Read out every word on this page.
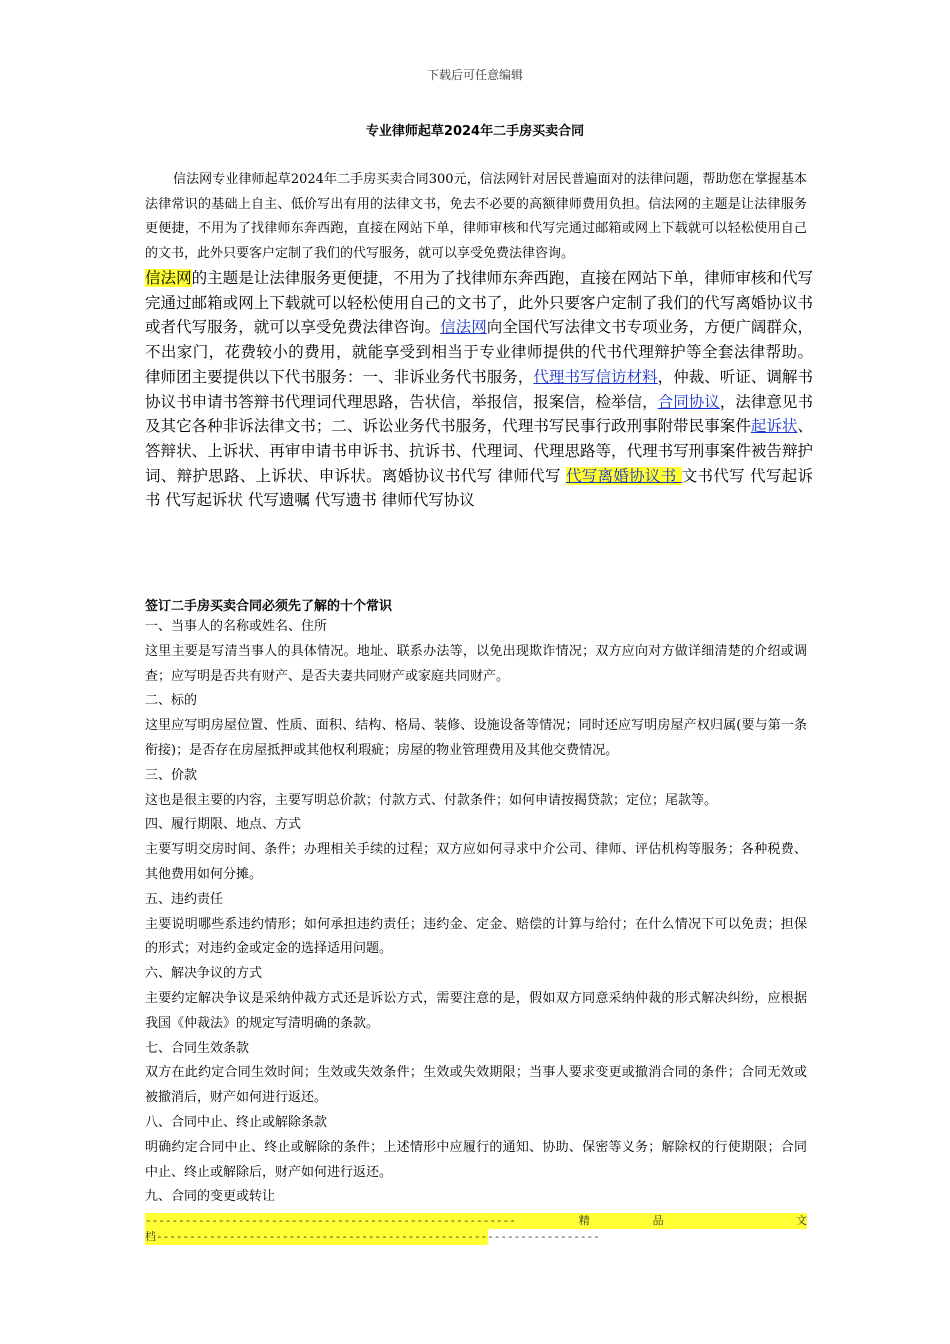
下载后可任意编辑
专业律师起草2024年二手房买卖合同
信法网专业律师起草2024年二手房买卖合同300元，信法网针对居民普遍面对的法律问题，帮助您在掌握基本法律常识的基础上自主、低价写出有用的法律文书，免去不必要的高额律师费用负担。信法网的主题是让法律服务更便捷，不用为了找律师东奔西跑，直接在网站下单，律师审核和代写完通过邮箱或网上下载就可以轻松使用自己的文书，此外只要客户定制了我们的代写服务，就可以享受免费法律咨询。
信法网的主题是让法律服务更便捷，不用为了找律师东奔西跑，直接在网站下单，律师审核和代写完通过邮箱或网上下载就可以轻松使用自己的文书了，此外只要客户定制了我们的代写离婚协议书或者代写服务，就可以享受免费法律咨询。信法网向全国代写法律文书专项业务，方便广阔群众，不出家门，花费较小的费用，就能享受到相当于专业律师提供的代书代理辩护等全套法律帮助。 律师团主要提供以下代书服务：一、非诉业务代书服务，代理书写信访材料，仲裁、听证、调解书协议书申请书答辩书代理词代理思路，告状信，举报信，报案信，检举信，合同协议，法律意见书及其它各种非诉法律文书；二、诉讼业务代书服务，代理书写民事行政刑事附带民事案件起诉状、答辩状、上诉状、再审申请书申诉书、抗诉书、代理词、代理思路等，代理书写刑事案件被告辩护词、辩护思路、上诉状、申诉状。离婚协议书代写 律师代写 代写离婚协议书 文书代写 代写起诉书 代写起诉状 代写遗嘱 代写遗书 律师代写协议
签订二手房买卖合同必须先了解的十个常识

一、当事人的名称或姓名、住所

这里主要是写清当事人的具体情况。地址、联系办法等，以免出现欺诈情况；双方应向对方做详细清楚的介绍或调查；应写明是否共有财产、是否夫妻共同财产或家庭共同财产。

二、标的

这里应写明房屋位置、性质、面积、结构、格局、装修、设施设备等情况；同时还应写明房屋产权归属(要与第一条衔接)；是否存在房屋抵押或其他权利瑕疵；房屋的物业管理费用及其他交费情况。

三、价款

这也是很主要的内容，主要写明总价款；付款方式、付款条件；如何申请按揭贷款；定位；尾款等。

四、履行期限、地点、方式

主要写明交房时间、条件；办理相关手续的过程；双方应如何寻求中介公司、律师、评估机构等服务；各种税费、其他费用如何分摊。

五、违约责任

主要说明哪些系违约情形；如何承担违约责任；违约金、定金、赔偿的计算与给付；在什么情况下可以免责；担保的形式；对违约金或定金的选择适用问题。

六、解决争议的方式

主要约定解决争议是采纳仲裁方式还是诉讼方式，需要注意的是，假如双方同意采纳仲裁的形式解决纠纷，应根据我国《仲裁法》的规定写清明确的条款。

七、合同生效条款

双方在此约定合同生效时间；生效或失效条件；生效或失效期限；当事人要求变更或撤消合同的条件；合同无效或被撤消后，财产如何进行返还。

八、合同中止、终止或解除条款

明确约定合同中止、终止或解除的条件；上述情形中应履行的通知、协助、保密等义务；解除权的行使期限；合同中止、终止或解除后，财产如何进行返还。

九、合同的变更或转让

--------------------------------------------------------	精	品
	文
档-------------------------------------------------------------------
